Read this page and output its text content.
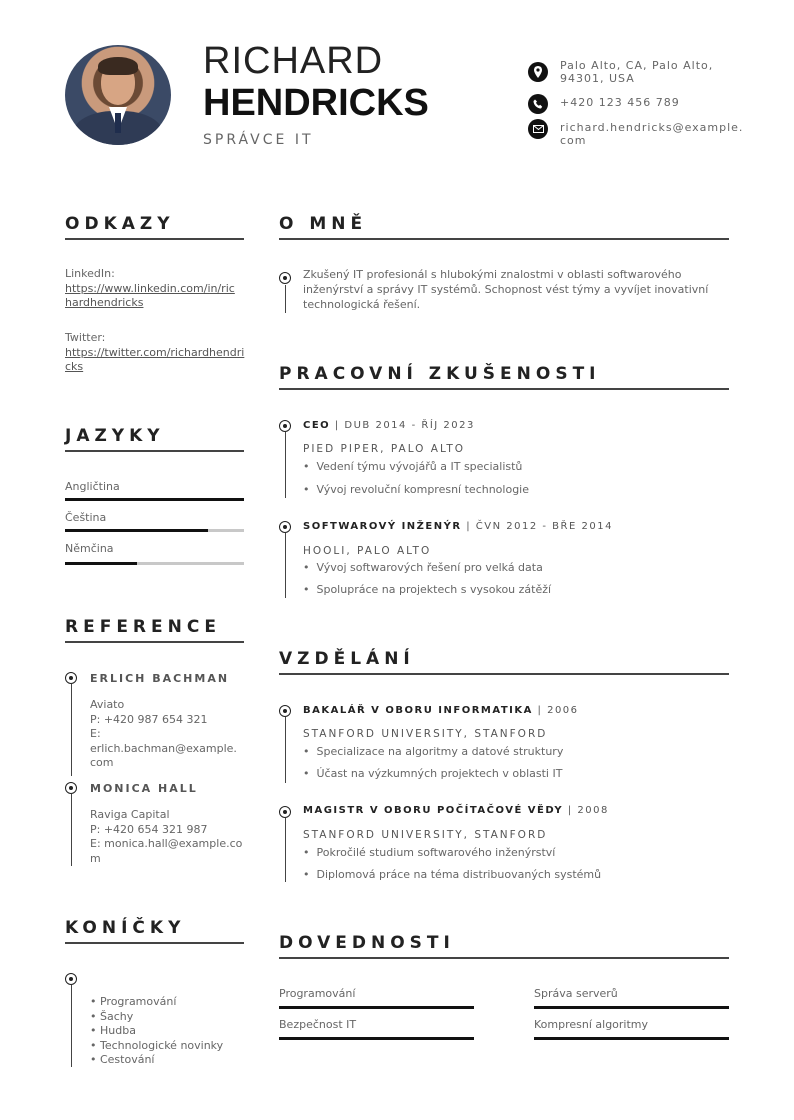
RICHARD
HENDRICKS
SPRÁVCE IT
Palo Alto, CA, Palo Alto,
94301, USA
+420 123 456 789
richard.hendricks@example.
com
ODKAZY
LinkedIn:
https://www.linkedin.com/in/ric
hardhendricks
Twitter:
https://twitter.com/richardhendri
cks
JAZYKY
Angličtina
Čeština
Němčina
REFERENCE
ERLICH BACHMAN
Aviato
P: +420 987 654 321
E: erlich.bachman@example.
com
MONICA HALL
Raviga Capital
P: +420 654 321 987
E: monica.hall@example.co
m
KONÍČKY
• Programování
• Šachy
• Hudba
• Technologické novinky
• Cestování
O MNĚ
Zkušený IT profesionál s hlubokými znalostmi v oblasti softwarového
inženýrství a správy IT systémů. Schopnost vést týmy a vyvíjet inovativní
technologická řešení.
PRACOVNÍ ZKUŠENOSTI
CEO | DUB 2014 - ŘÍJ 2023
PIED PIPER, PALO ALTO
•  Vedení týmu vývojářů a IT specialistů
•  Vývoj revoluční kompresní technologie
SOFTWAROVÝ INŽENÝR | ČVN 2012 - BŘE 2014
HOOLI, PALO ALTO
•  Vývoj softwarových řešení pro velká data
•  Spolupráce na projektech s vysokou zátěží
VZDĚLÁNÍ
BAKALÁŘ V OBORU INFORMATIKA | 2006
STANFORD UNIVERSITY, STANFORD
•  Specializace na algoritmy a datové struktury
•  Účast na výzkumných projektech v oblasti IT
MAGISTR V OBORU POČÍTAČOVÉ VĚDY | 2008
STANFORD UNIVERSITY, STANFORD
•  Pokročilé studium softwarového inženýrství
•  Diplomová práce na téma distribuovaných systémů
DOVEDNOSTI
Programování	Správa serverů
Bezpečnost IT	Kompresní algoritmy
